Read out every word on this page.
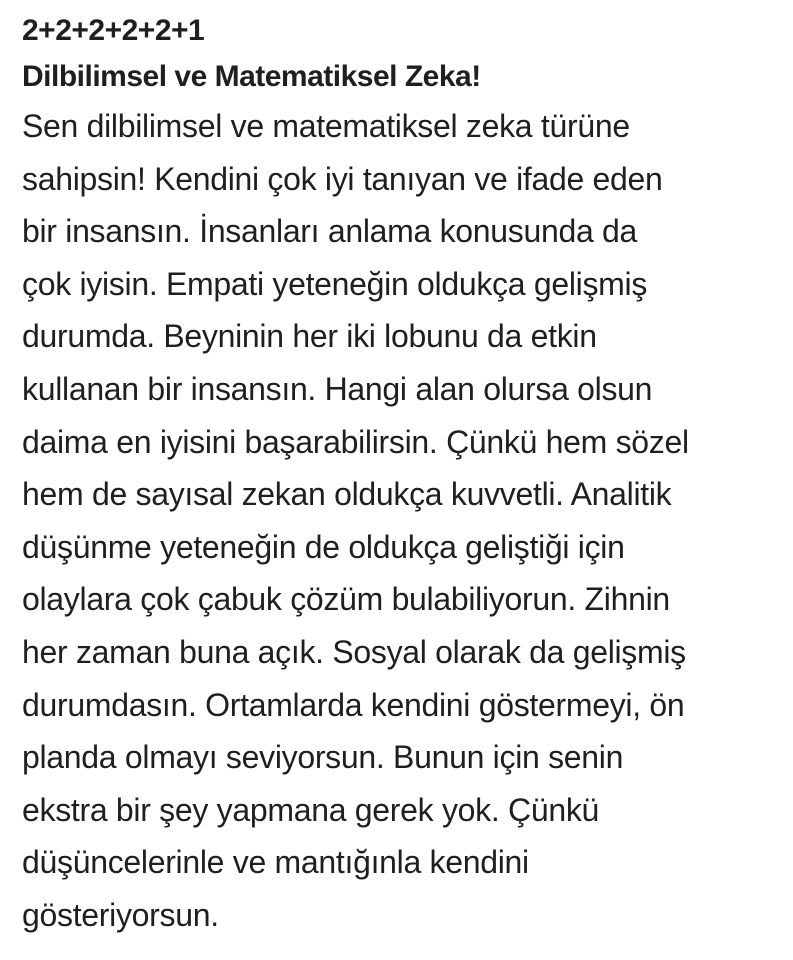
2+2+2+2+2+1
Dilbilimsel ve Matematiksel Zeka!

Sen dilbilimsel ve matematiksel zeka türüne
sahipsin! Kendini çok iyi tanıyan ve ifade eden
bir insansın. İnsanları anlama konusunda da
çok iyisin. Empati yeteneğin oldukça gelişmiş
durumda. Beyninin her iki lobunu da etkin
kullanan bir insansın. Hangi alan olursa olsun
daima en iyisini başarabilirsin. Çünkü hem sözel
hem de sayısal zekan oldukça kuvvetli. Analitik
düşünme yeteneğin de oldukça geliştiği için
olaylara çok çabuk çözüm bulabiliyorun. Zihnin
her zaman buna açık. Sosyal olarak da gelişmiş
durumdasın. Ortamlarda kendini göstermeyi, ön
planda olmayı seviyorsun. Bunun için senin
ekstra bir şey yapmana gerek yok. Çünkü
düşüncelerinle ve mantığınla kendini
gösteriyorsun.
